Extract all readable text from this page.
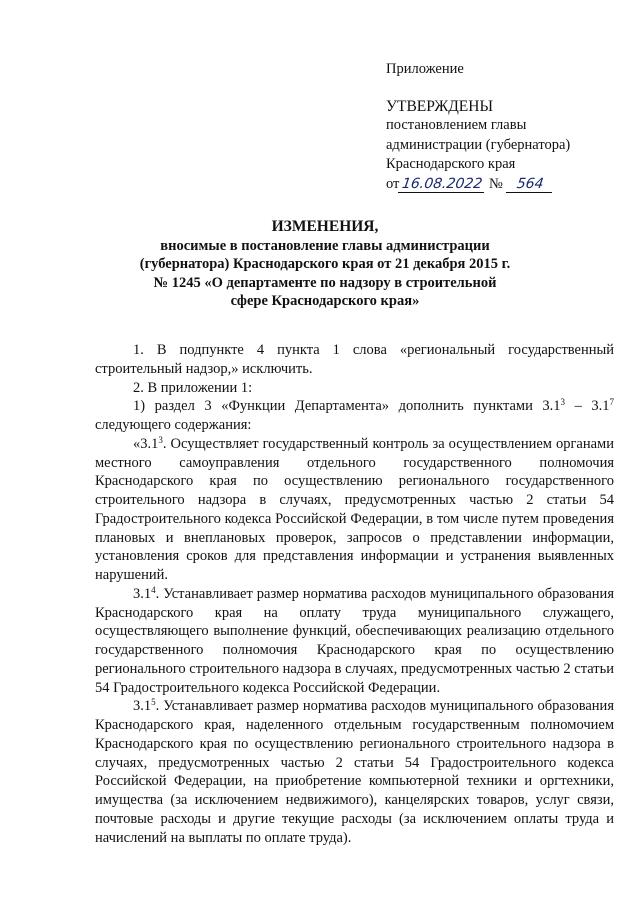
Приложение
УТВЕРЖДЕНЫ
постановлением главы
администрации (губернатора)
Краснодарского края
от 16.08.2022 № 564
ИЗМЕНЕНИЯ,
вносимые в постановление главы администрации
(губернатора) Краснодарского края от 21 декабря 2015 г.
№ 1245 «О департаменте по надзору в строительной
сфере Краснодарского края»

1. В подпункте 4 пункта 1 слова «региональный государственный строительный надзор,» исключить.

2. В приложении 1:

1) раздел 3 «Функции Департамента» дополнить пунктами $3.1^3 - 3.1^7$ следующего содержания:

«$3.1^3$. Осуществляет государственный контроль за осуществлением органами местного самоуправления отдельного государственного полномочия Краснодарского края по осуществлению регионального государственного строительного надзора в случаях, предусмотренных частью 2 статьи 54 Градостроительного кодекса Российской Федерации, в том числе путем проведения плановых и внеплановых проверок, запросов о представлении информации, установления сроков для представления информации и устранения выявленных нарушений.

$3.1^4$. Устанавливает размер норматива расходов муниципального образования Краснодарского края на оплату труда муниципального служащего, осуществляющего выполнение функций, обеспечивающих реализацию отдельного государственного полномочия Краснодарского края по осуществлению регионального строительного надзора в случаях, предусмотренных частью 2 статьи 54 Градостроительного кодекса Российской Федерации.

$3.1^5$. Устанавливает размер норматива расходов муниципального образования Краснодарского края, наделенного отдельным государственным полномочием Краснодарского края по осуществлению регионального строительного надзора в случаях, предусмотренных частью 2 статьи 54 Градостроительного кодекса Российской Федерации, на приобретение компьютерной техники и оргтехники, имущества (за исключением недвижимого), канцелярских товаров, услуг связи, почтовые расходы и другие текущие расходы (за исключением оплаты труда и начислений на выплаты по оплате труда).
